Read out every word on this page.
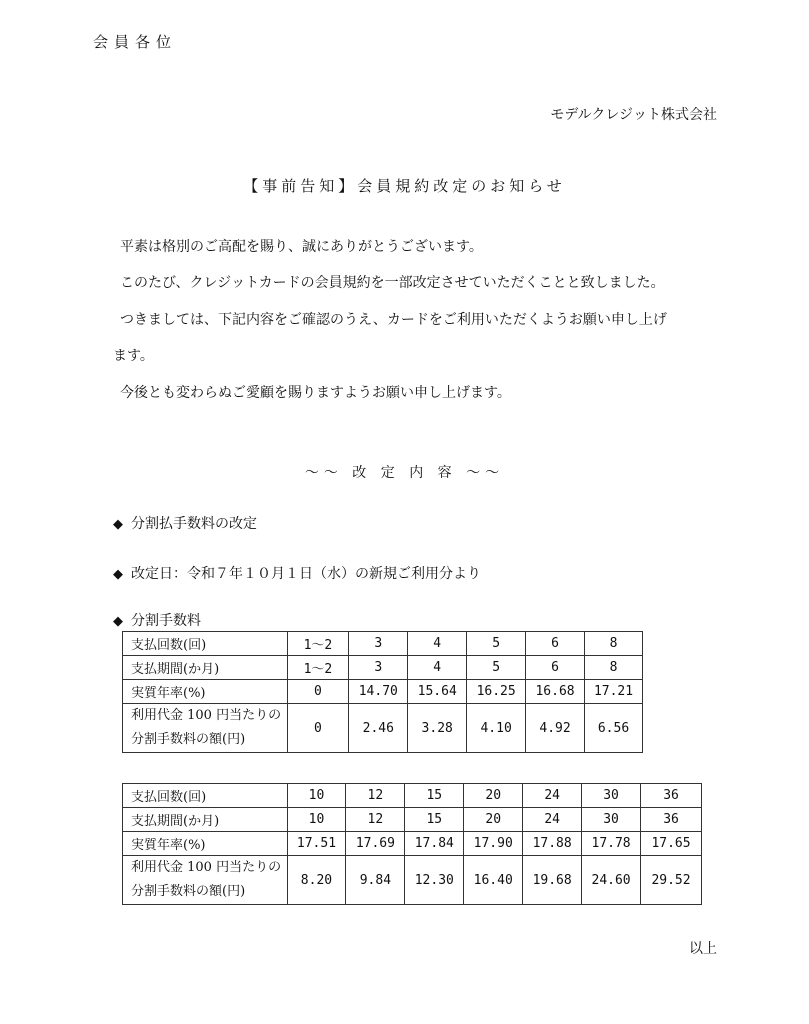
会員各位
モデルクレジット株式会社
【事前告知】会員規約改定のお知らせ
平素は格別のご高配を賜り、誠にありがとうございます。
このたび、クレジットカードの会員規約を一部改定させていただくことと致しました。
つきましては、下記内容をご確認のうえ、カードをご利用いただくようお願い申し上げ
ます。
今後とも変わらぬご愛顧を賜りますようお願い申し上げます。
～～ 改 定 内 容 ～～
◆ 分割払手数料の改定
◆ 改定日：令和７年１０月１日（水）の新規ご利用分より
◆ 分割手数料
支払回数(回)	1～2	3	4	5	6	8
支払期間(か月)	1～2	3	4	5	6	8
実質年率(%)	0	14.70	15.64	16.25	16.68	17.21

利用代金 100 円当たりの
分割手数料の額(円)	0	2.46	3.28	4.10	4.92	6.56
支払回数(回)	10	12	15	20	24	30	36
支払期間(か月)	10	12	15	20	24	30	36
実質年率(%)	17.51	17.69	17.84	17.90	17.88	17.78	17.65

利用代金 100 円当たりの
分割手数料の額(円)	8.20	9.84	12.30	16.40	19.68	24.60	29.52
以上
